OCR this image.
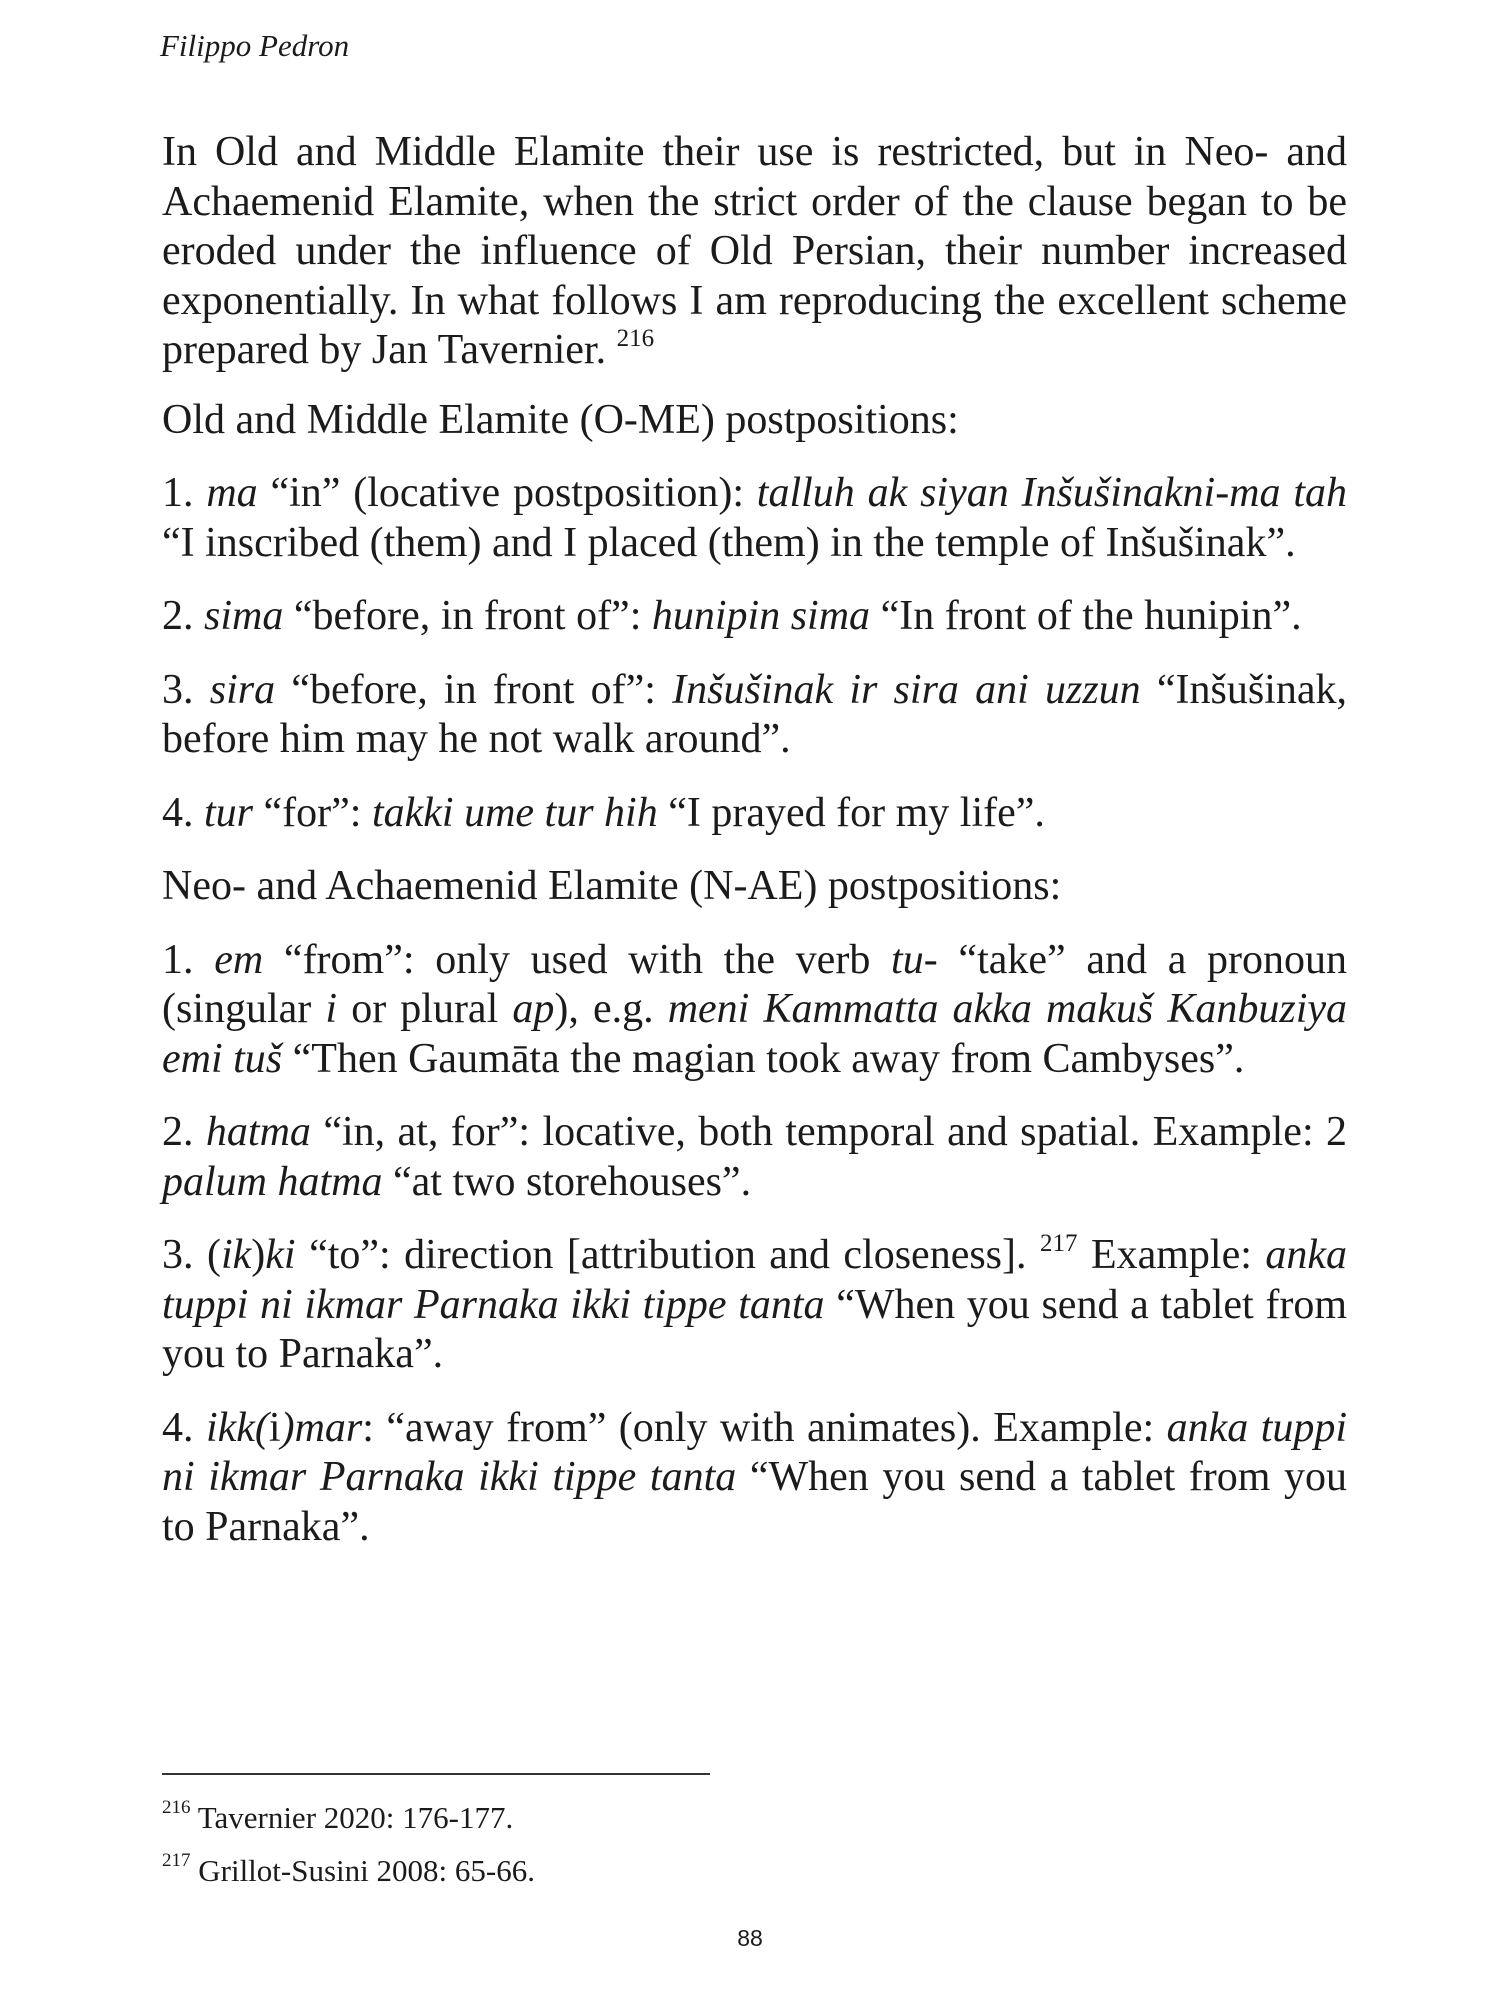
Filippo Pedron

In Old and Middle Elamite their use is restricted, but in Neo- and Achaemenid Elamite, when the strict order of the clause began to be eroded under the influence of Old Persian, their number increased exponentially. In what follows I am reproducing the excellent scheme prepared by Jan Tavernier. $^{216}$

Old and Middle Elamite (O-ME) postpositions:

1. ma “in” (locative postposition): talluh ak siyan Inšušinakni-ma tah “I inscribed (them) and I placed (them) in the temple of Inšušinak”.

2. sima “before, in front of”: hunipin sima “In front of the hunipin”.

3. sira “before, in front of”: Inšušinak ir sira ani uzzun “Inšušinak, before him may he not walk around”.

4. tur “for”: takki ume tur hih “I prayed for my life”.

Neo- and Achaemenid Elamite (N-AE) postpositions:

1. em “from”: only used with the verb tu- “take” and a pronoun (singular i or plural ap), e.g. meni Kammatta akka makuš Kanbuziya emi tuš “Then Gaumāta the magian took away from Cambyses”.

2. hatma “in, at, for”: locative, both temporal and spatial. Example: 2 palum hatma “at two storehouses”.

3. (ik)ki “to”: direction [attribution and closeness]. $^{217}$ Example: anka tuppi ni ikmar Parnaka ikki tippe tanta “When you send a tablet from you to Parnaka”.

4. ikk(i)mar: “away from” (only with animates). Example: anka tuppi ni ikmar Parnaka ikki tippe tanta “When you send a tablet from you to Parnaka”.

$^{216}$ Tavernier 2020: 176-177.

$^{217}$ Grillot-Susini 2008: 65-66.

88
